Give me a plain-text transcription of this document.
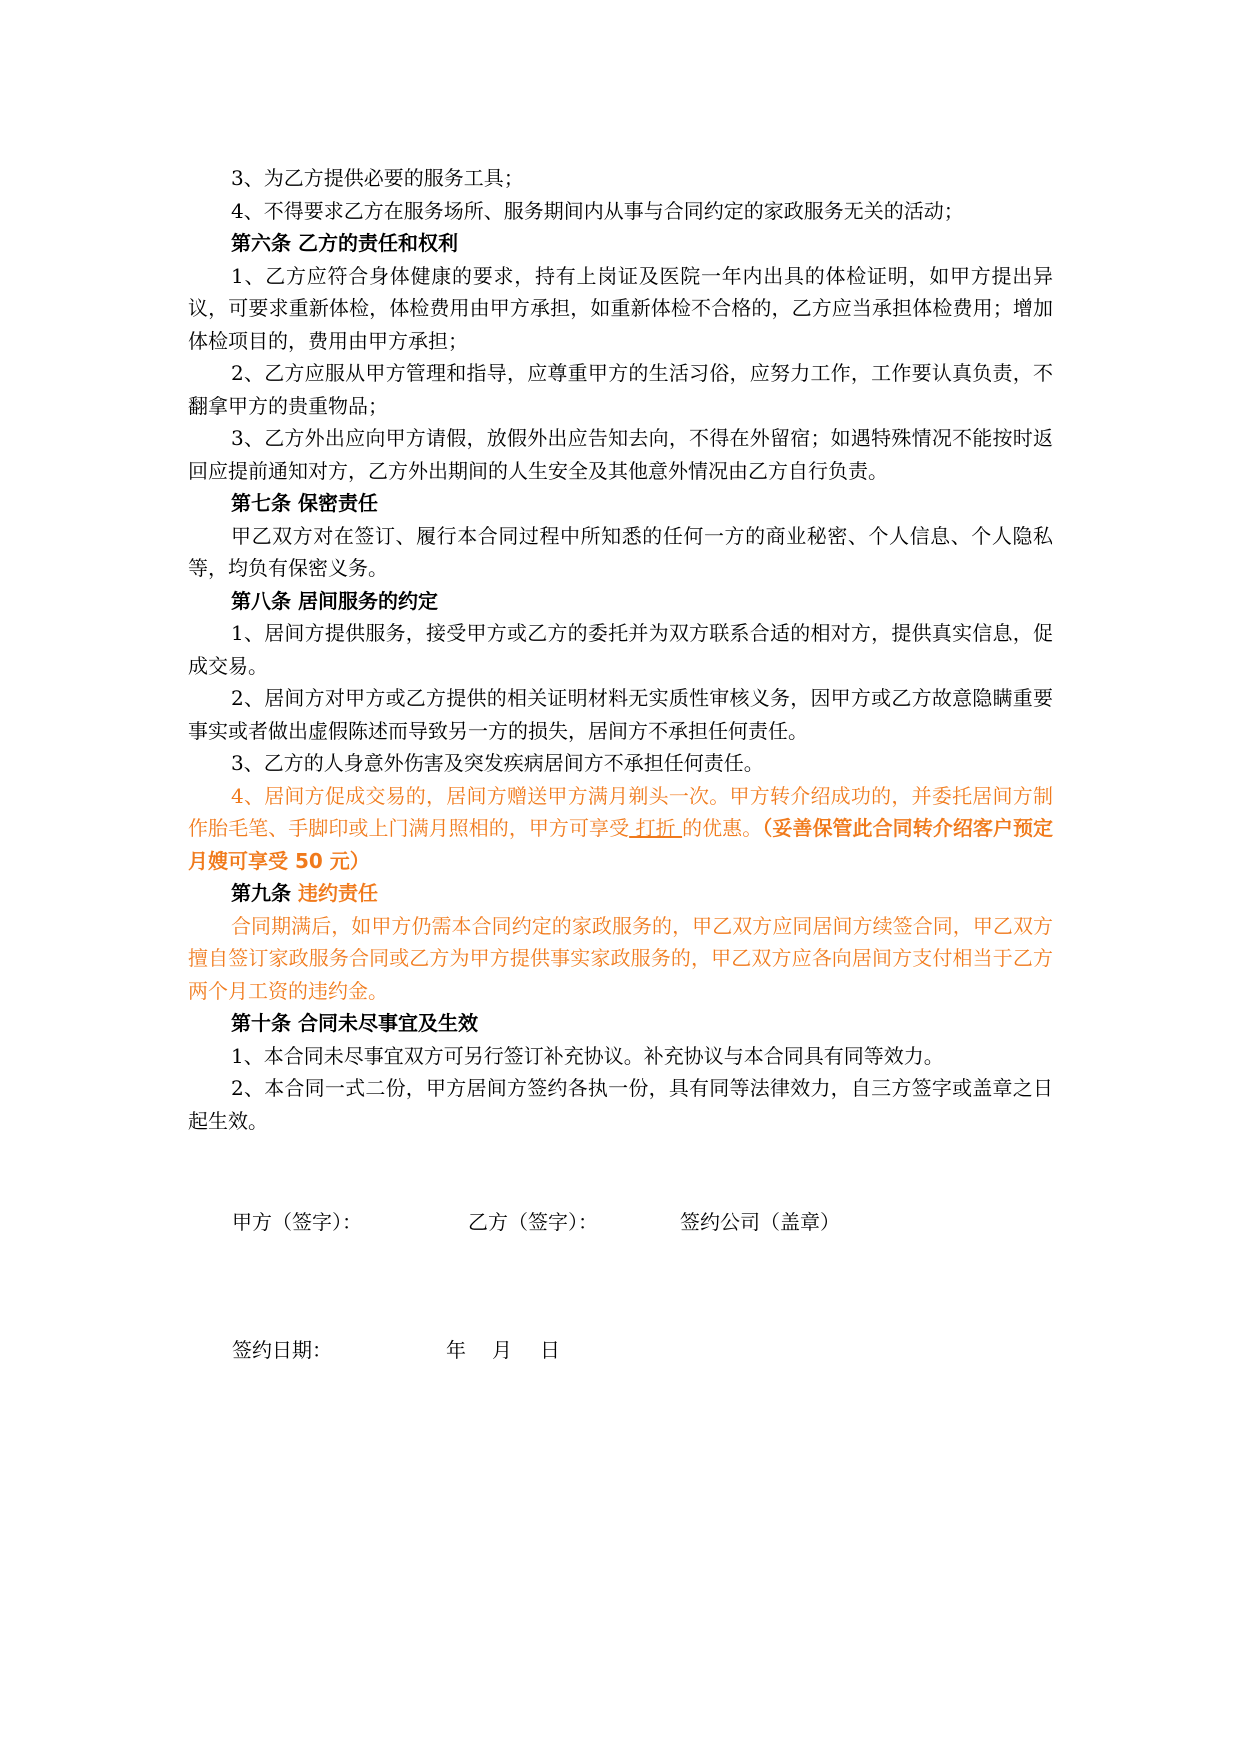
3、为乙方提供必要的服务工具；

4、不得要求乙方在服务场所、服务期间内从事与合同约定的家政服务无关的活动；

第六条 乙方的责任和权利

1、乙方应符合身体健康的要求，持有上岗证及医院一年内出具的体检证明，如甲方提出异议，可要求重新体检，体检费用由甲方承担，如重新体检不合格的，乙方应当承担体检费用；增加体检项目的，费用由甲方承担；

2、乙方应服从甲方管理和指导，应尊重甲方的生活习俗，应努力工作，工作要认真负责，不翻拿甲方的贵重物品；

3、乙方外出应向甲方请假，放假外出应告知去向，不得在外留宿；如遇特殊情况不能按时返回应提前通知对方，乙方外出期间的人生安全及其他意外情况由乙方自行负责。

第七条 保密责任

甲乙双方对在签订、履行本合同过程中所知悉的任何一方的商业秘密、个人信息、个人隐私等，均负有保密义务。

第八条 居间服务的约定

1、居间方提供服务，接受甲方或乙方的委托并为双方联系合适的相对方，提供真实信息，促成交易。

2、居间方对甲方或乙方提供的相关证明材料无实质性审核义务，因甲方或乙方故意隐瞒重要事实或者做出虚假陈述而导致另一方的损失，居间方不承担任何责任。

3、乙方的人身意外伤害及突发疾病居间方不承担任何责任。

4、居间方促成交易的，居间方赠送甲方满月剃头一次。甲方转介绍成功的，并委托居间方制作胎毛笔、手脚印或上门满月照相的，甲方可享受 打折 的优惠。（妥善保管此合同转介绍客户预定月嫂可享受 50 元）

第九条 违约责任

合同期满后，如甲方仍需本合同约定的家政服务的，甲乙双方应同居间方续签合同，甲乙双方擅自签订家政服务合同或乙方为甲方提供事实家政服务的，甲乙双方应各向居间方支付相当于乙方两个月工资的违约金。

第十条 合同未尽事宜及生效

1、本合同未尽事宜双方可另行签订补充协议。补充协议与本合同具有同等效力。

2、本合同一式二份，甲方居间方签约各执一份，具有同等法律效力，自三方签字或盖章之日起生效。

甲方（签字）：	乙方（签字）：	签约公司（盖章）
签约日期：	年 月 日
